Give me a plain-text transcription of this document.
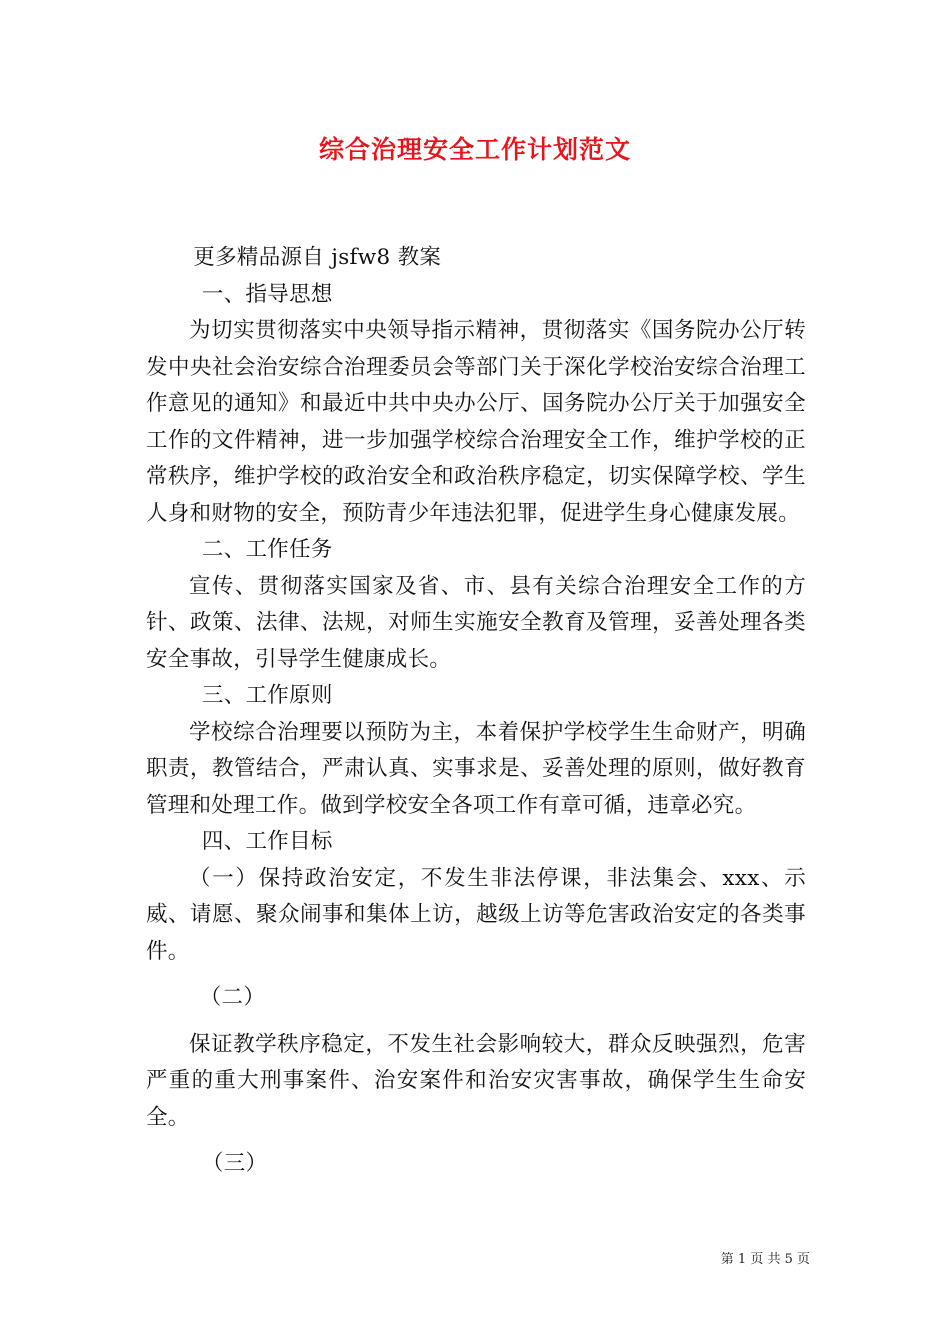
综合治理安全工作计划范文

更多精品源自 jsfw8 教案

一、指导思想

为切实贯彻落实中央领导指示精神，贯彻落实《国务院办公厅转发中央社会治安综合治理委员会等部门关于深化学校治安综合治理工作意见的通知》和最近中共中央办公厅、国务院办公厅关于加强安全工作的文件精神，进一步加强学校综合治理安全工作，维护学校的正常秩序，维护学校的政治安全和政治秩序稳定，切实保障学校、学生人身和财物的安全，预防青少年违法犯罪，促进学生身心健康发展。

二、工作任务

宣传、贯彻落实国家及省、市、县有关综合治理安全工作的方针、政策、法律、法规，对师生实施安全教育及管理，妥善处理各类安全事故，引导学生健康成长。

三、工作原则

学校综合治理要以预防为主，本着保护学校学生生命财产，明确职责，教管结合，严肃认真、实事求是、妥善处理的原则，做好教育管理和处理工作。做到学校安全各项工作有章可循，违章必究。

四、工作目标

（一）保持政治安定，不发生非法停课，非法集会、xxx、示威、请愿、聚众闹事和集体上访，越级上访等危害政治安定的各类事件。

（二）

保证教学秩序稳定，不发生社会影响较大，群众反映强烈，危害严重的重大刑事案件、治安案件和治安灾害事故，确保学生生命安全。

（三）

第 1 页 共 5 页
